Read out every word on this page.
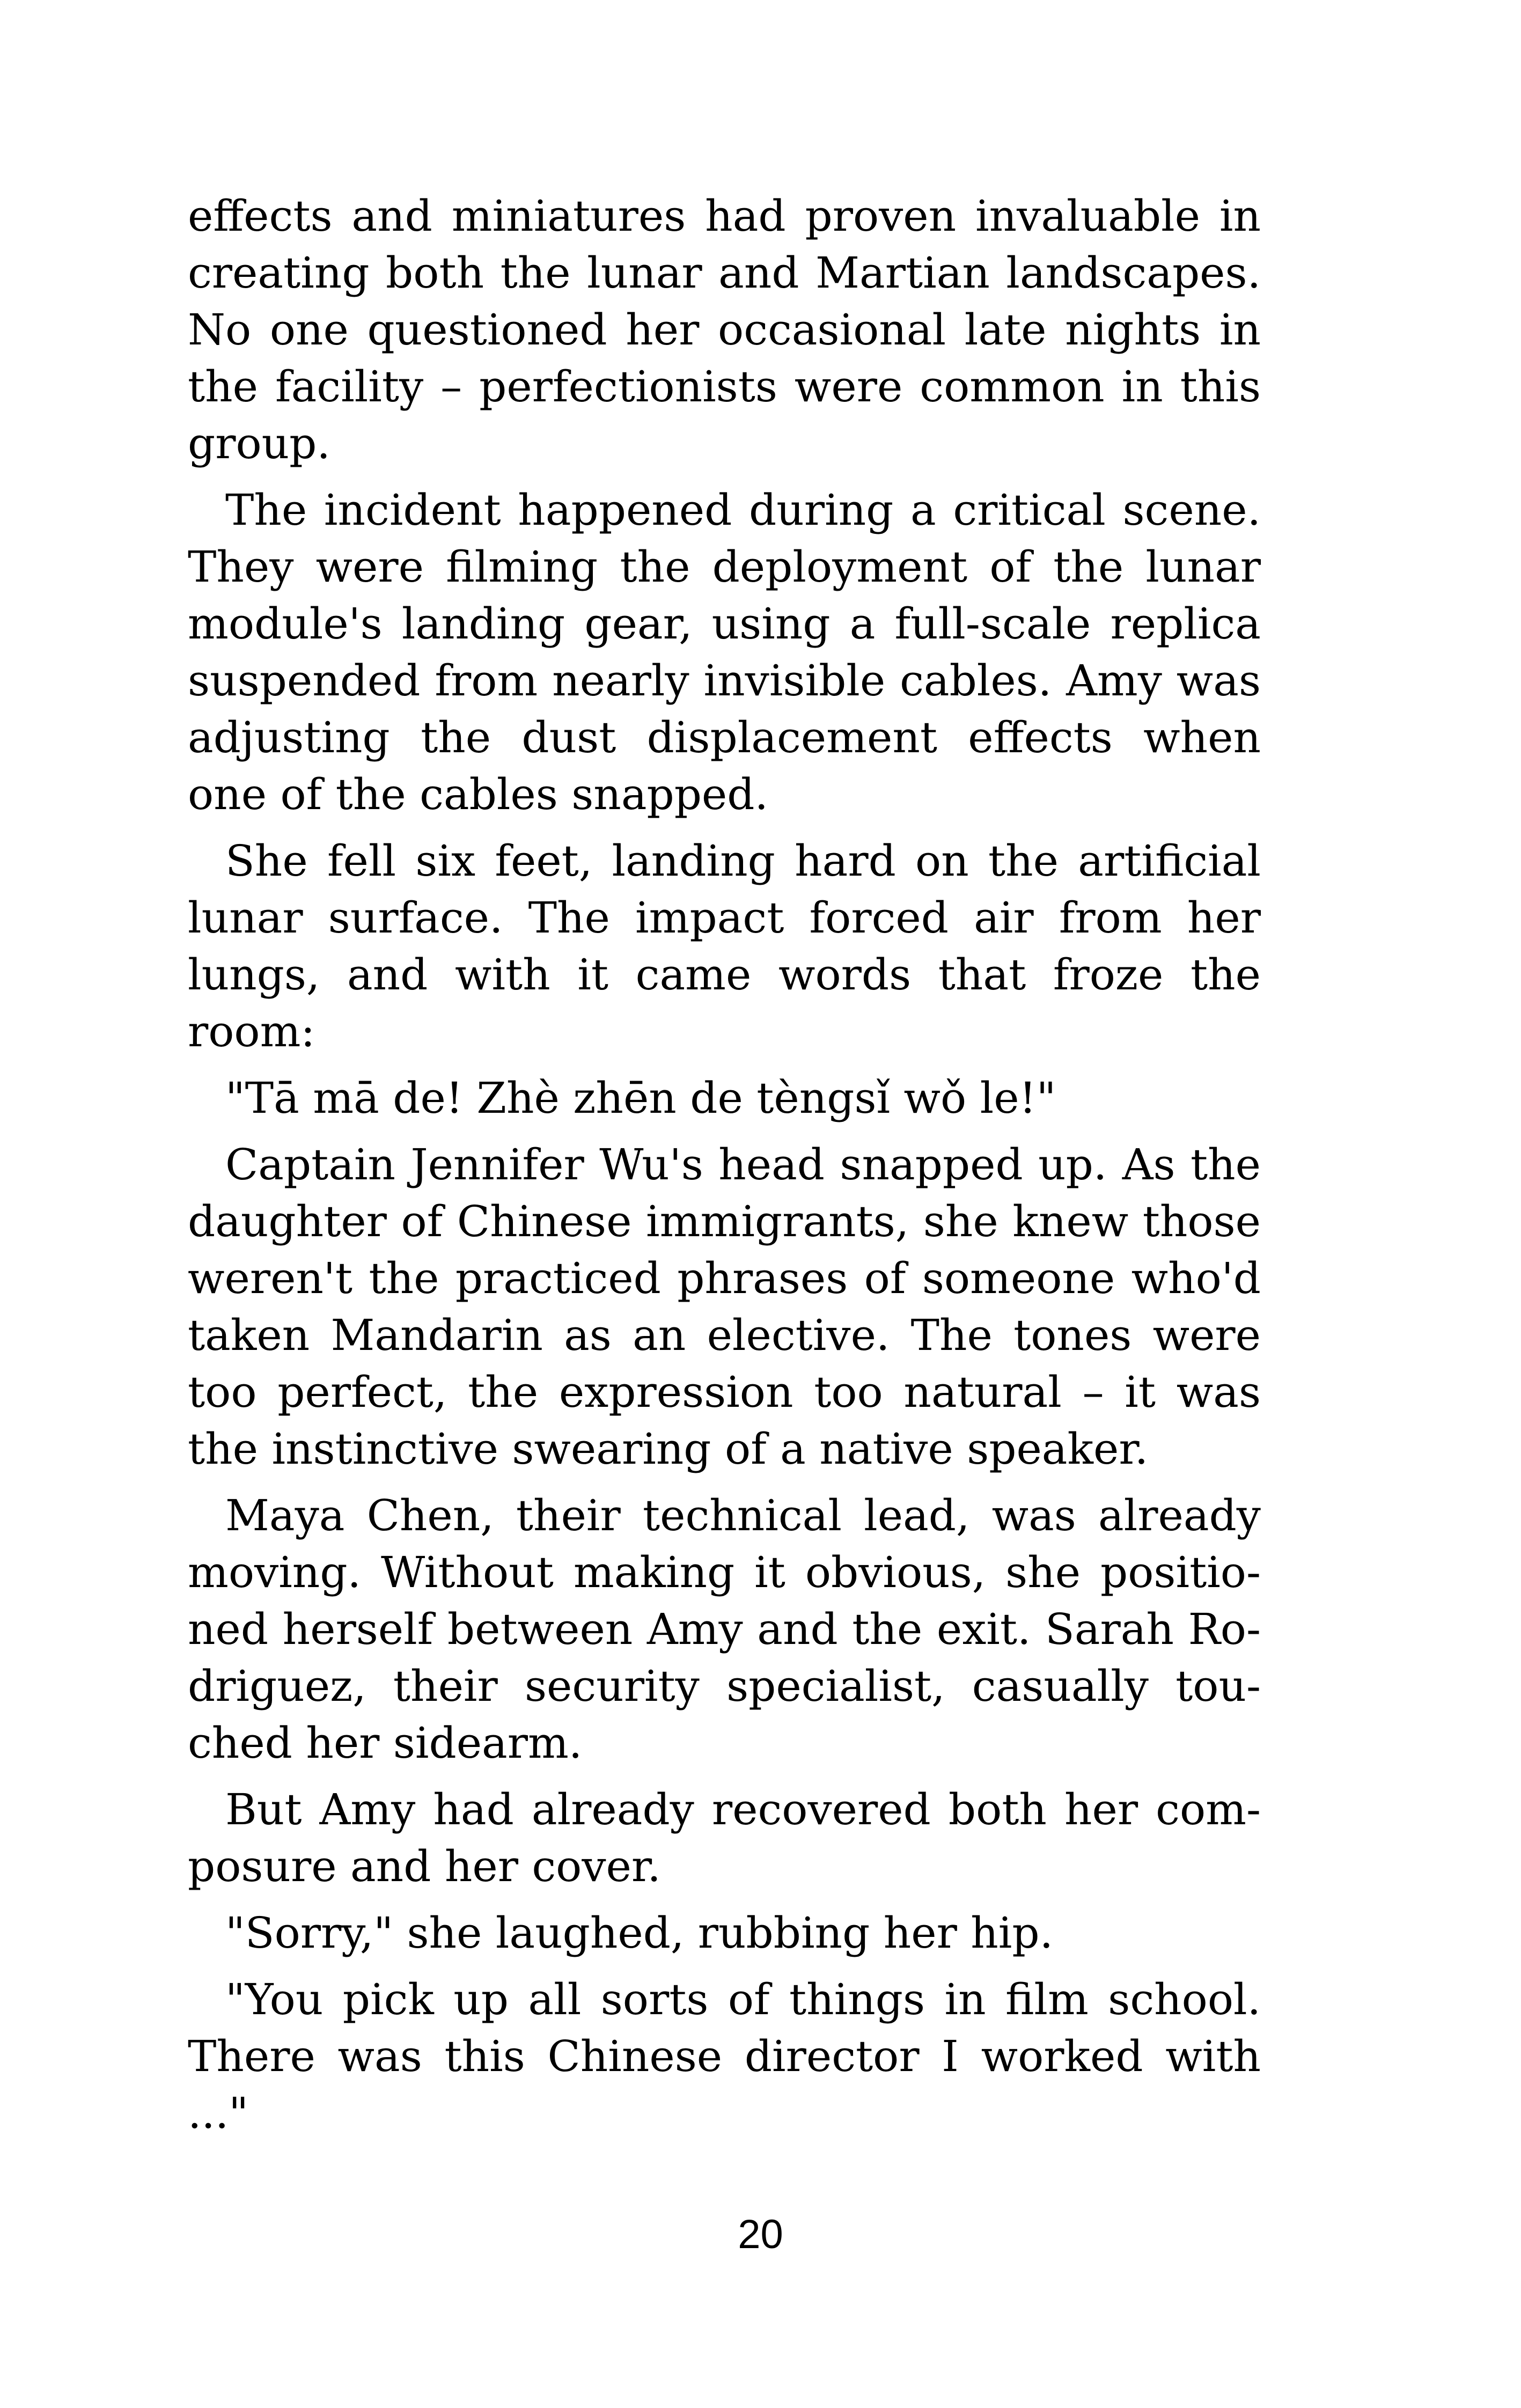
effects and miniatures had proven invaluable in creating both the lunar and Martian landscapes. No one questioned her occasional late nights in the facility – perfectionists were common in this group.

The incident happened during a critical scene. They were filming the deployment of the lunar module's landing gear, using a full-scale replica suspended from nearly invisible cables. Amy was adjusting the dust displacement effects when one of the cables snapped.

She fell six feet, landing hard on the artificial lunar surface. The impact forced air from her lungs, and with it came words that froze the room:

"Tā mā de! Zhè zhēn de tèngsǐ wǒ le!"

Captain Jennifer Wu's head snapped up. As the daughter of Chinese immigrants, she knew those weren't the practiced phrases of someone who'd taken Mandarin as an elective. The tones were too perfect, the expression too natural – it was the instinctive swearing of a native speaker.

Maya Chen, their technical lead, was already moving. Without making it obvious, she positioned herself between Amy and the exit. Sarah Rodriguez, their security specialist, casually touched her sidearm.

But Amy had already recovered both her composure and her cover.

"Sorry," she laughed, rubbing her hip.

"You pick up all sorts of things in film school. There was this Chinese director I worked with ..."

20
